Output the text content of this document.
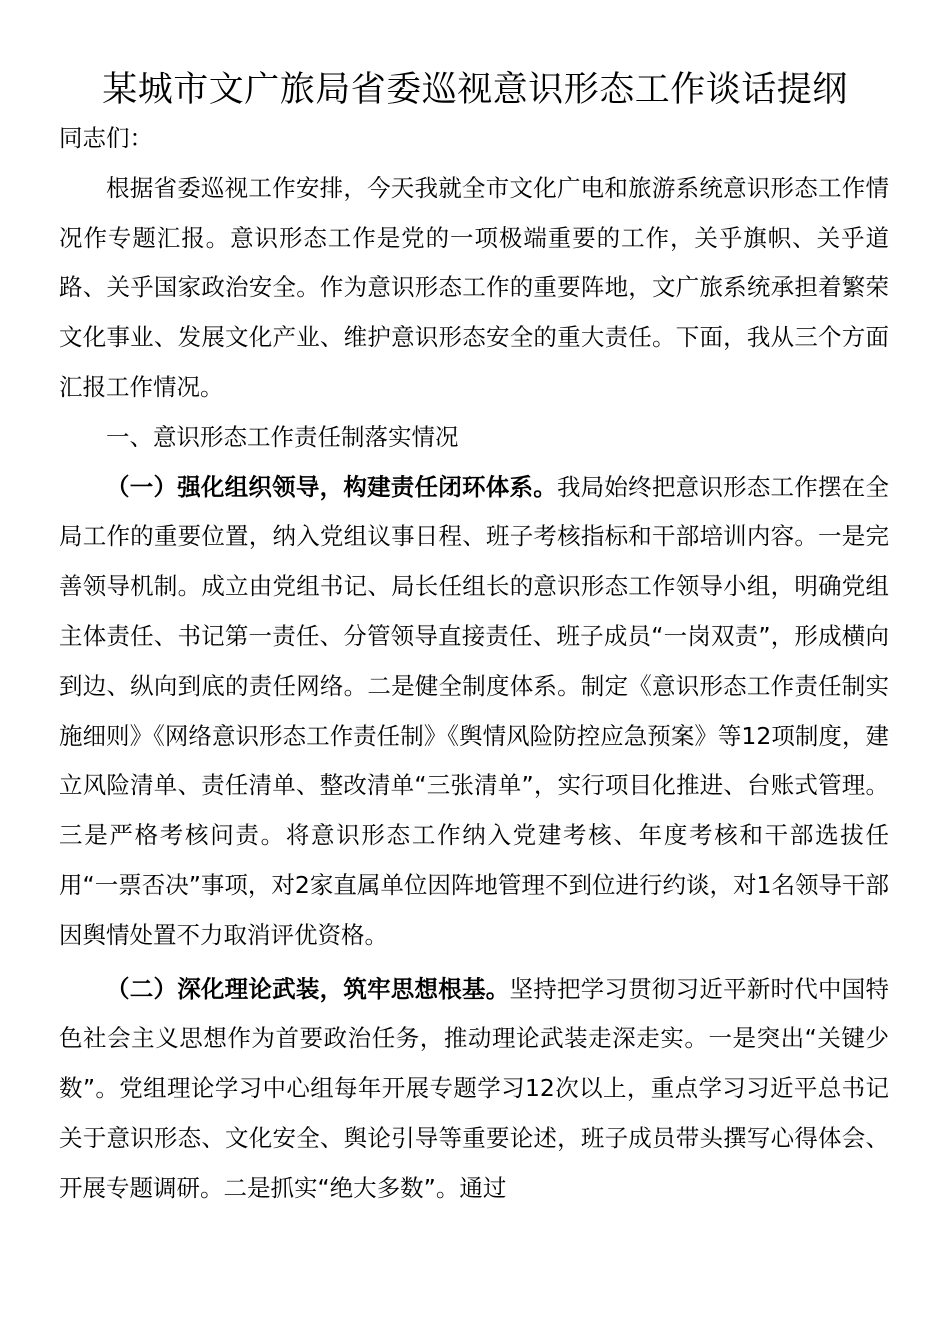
某城市文广旅局省委巡视意识形态工作谈话提纲

同志们：

根据省委巡视工作安排，今天我就全市文化广电和旅游系统意识形态工作情况作专题汇报。意识形态工作是党的一项极端重要的工作，关乎旗帜、关乎道路、关乎国家政治安全。作为意识形态工作的重要阵地，文广旅系统承担着繁荣文化事业、发展文化产业、维护意识形态安全的重大责任。下面，我从三个方面汇报工作情况。

一、意识形态工作责任制落实情况

（一）强化组织领导，构建责任闭环体系。我局始终把意识形态工作摆在全局工作的重要位置，纳入党组议事日程、班子考核指标和干部培训内容。一是完善领导机制。成立由党组书记、局长任组长的意识形态工作领导小组，明确党组主体责任、书记第一责任、分管领导直接责任、班子成员“一岗双责”，形成横向到边、纵向到底的责任网络。二是健全制度体系。制定《意识形态工作责任制实施细则》《网络意识形态工作责任制》《舆情风险防控应急预案》等12项制度，建立风险清单、责任清单、整改清单“三张清单”，实行项目化推进、台账式管理。三是严格考核问责。将意识形态工作纳入党建考核、年度考核和干部选拔任用“一票否决”事项，对2家直属单位因阵地管理不到位进行约谈，对1名领导干部因舆情处置不力取消评优资格。

（二）深化理论武装，筑牢思想根基。坚持把学习贯彻习近平新时代中国特色社会主义思想作为首要政治任务，推动理论武装走深走实。一是突出“关键少数”。党组理论学习中心组每年开展专题学习12次以上，重点学习习近平总书记关于意识形态、文化安全、舆论引导等重要论述，班子成员带头撰写心得体会、开展专题调研。二是抓实“绝大多数”。通过
